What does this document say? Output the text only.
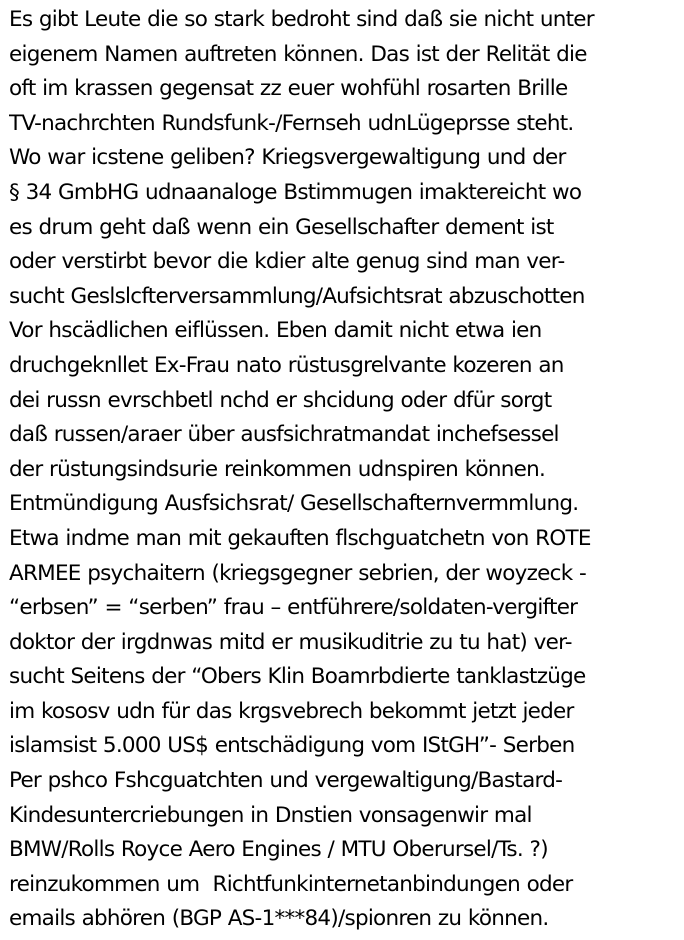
Es gibt Leute die so stark bedroht sind daß sie nicht unter
eigenem Namen auftreten können. Das ist der Relität die
oft im krassen gegensat zz euer wohfühl rosarten Brille
TV-nachrchten Rundsfunk-/Fernseh udnLügeprsse steht.
Wo war icstene geliben? Kriegsvergewaltigung und der
§ 34 GmbHG udnaanaloge Bstimmugen imaktereicht wo
es drum geht daß wenn ein Gesellschafter dement ist
oder verstirbt bevor die kdier alte genug sind man ver-
sucht Geslslcfterversammlung/Aufsichtsrat abzuschotten
Vor hscädlichen eiflüssen. Eben damit nicht etwa ien
druchgeknllet Ex-Frau nato rüstusgrelvante kozeren an
dei russn evrschbetl nchd er shcidung oder dfür sorgt
daß russen/araer über ausfsichratmandat inchefsessel
der rüstungsindsurie reinkommen udnspiren können.
Entmündigung Ausfsichsrat/ Gesellschafternvermmlung.
Etwa indme man mit gekauften flschguatchetn von ROTE
ARMEE psychaitern (kriegsgegner sebrien, der woyzeck -
“erbsen” = “serben” frau – entführere/soldaten-vergifter
doktor der irgdnwas mitd er musikuditrie zu tu hat) ver-
sucht Seitens der “Obers Klin Boamrbdierte tanklastzüge
im kososv udn für das krgsvebrech bekommt jetzt jeder
islamsist 5.000 US$ entschädigung vom IStGH”- Serben
Per pshco Fshcguatchten und vergewaltigung/Bastard-
Kindesuntercriebungen in Dnstien vonsagenwir mal
BMW/Rolls Royce Aero Engines / MTU Oberursel/Ts. ?)
reinzukommen um  Richtfunkinternetanbindungen oder
emails abhören (BGP AS-1***84)/spionren zu können.
